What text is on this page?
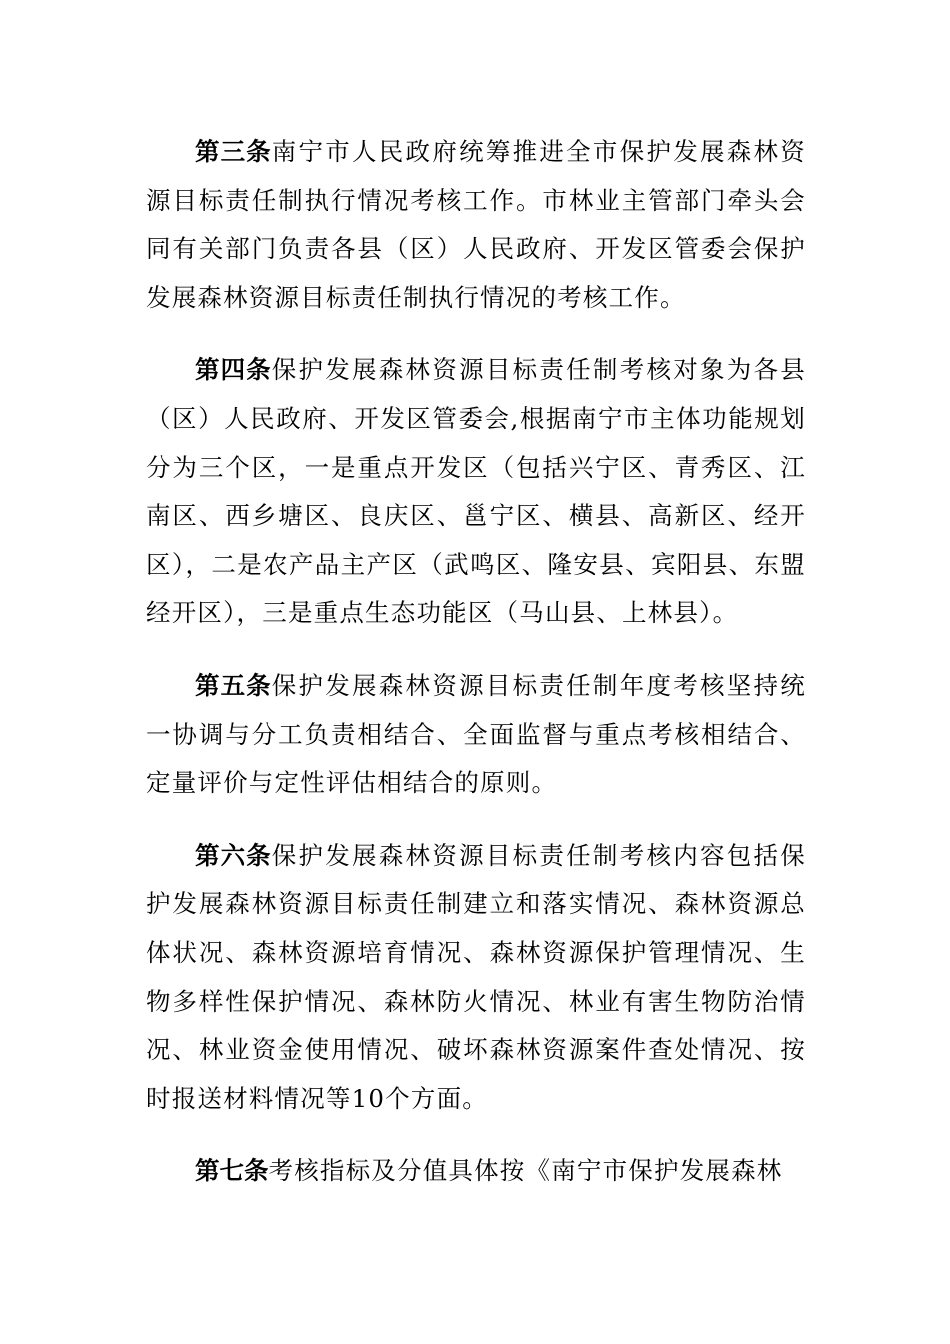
第三条南宁市人民政府统筹推进全市保护发展森林资源目标责任制执行情况考核工作。市林业主管部门牵头会同有关部门负责各县（区）人民政府、开发区管委会保护发展森林资源目标责任制执行情况的考核工作。

第四条保护发展森林资源目标责任制考核对象为各县（区）人民政府、开发区管委会,根据南宁市主体功能规划分为三个区，一是重点开发区（包括兴宁区、青秀区、江南区、西乡塘区、良庆区、邕宁区、横县、高新区、经开区），二是农产品主产区（武鸣区、隆安县、宾阳县、东盟经开区），三是重点生态功能区（马山县、上林县）。

第五条保护发展森林资源目标责任制年度考核坚持统一协调与分工负责相结合、全面监督与重点考核相结合、定量评价与定性评估相结合的原则。

第六条保护发展森林资源目标责任制考核内容包括保护发展森林资源目标责任制建立和落实情况、森林资源总体状况、森林资源培育情况、森林资源保护管理情况、生物多样性保护情况、森林防火情况、林业有害生物防治情况、林业资金使用情况、破坏森林资源案件查处情况、按时报送材料情况等10个方面。

第七条考核指标及分值具体按《南宁市保护发展森林
